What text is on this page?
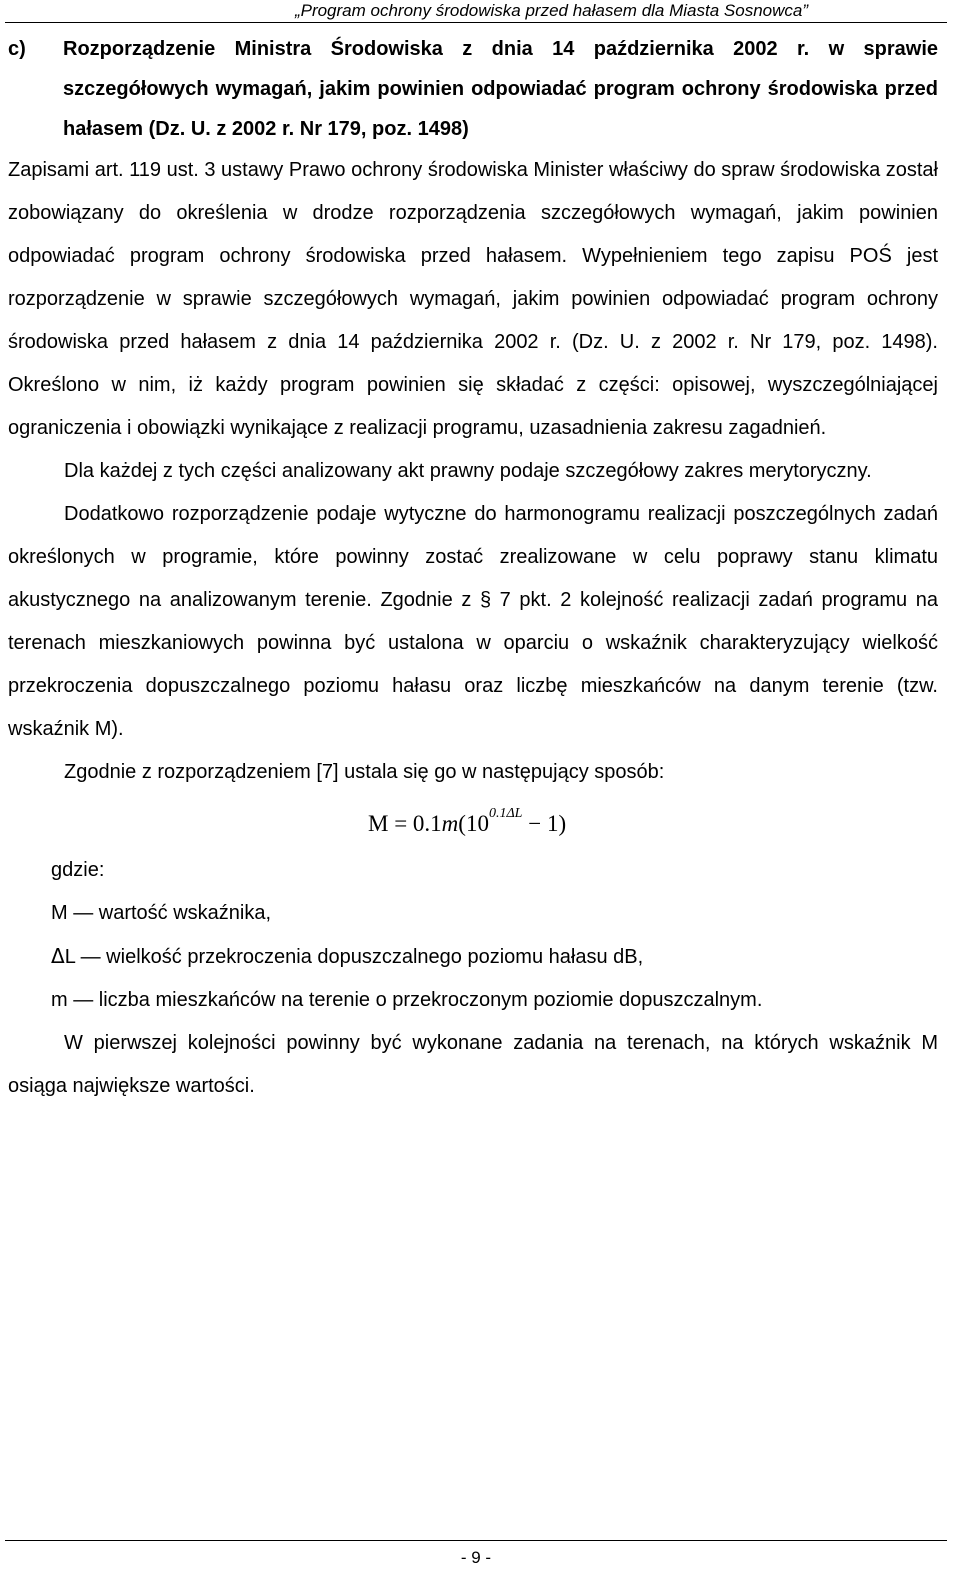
„Program ochrony środowiska przed hałasem dla Miasta Sosnowca”

c) Rozporządzenie Ministra Środowiska z dnia 14 października 2002 r. w sprawie szczegółowych wymagań, jakim powinien odpowiadać program ochrony środowiska przed hałasem (Dz. U. z 2002 r. Nr 179, poz. 1498)

Zapisami art. 119 ust. 3 ustawy Prawo ochrony środowiska Minister właściwy do spraw środowiska został zobowiązany do określenia w drodze rozporządzenia szczegółowych wymagań, jakim powinien odpowiadać program ochrony środowiska przed hałasem. Wypełnieniem tego zapisu POŚ jest rozporządzenie w sprawie szczegółowych wymagań, jakim powinien odpowiadać program ochrony środowiska przed hałasem z dnia 14 października 2002 r. (Dz. U. z 2002 r. Nr 179, poz. 1498). Określono w nim, iż każdy program powinien się składać z części: opisowej, wyszczególniającej ograniczenia i obowiązki wynikające z realizacji programu, uzasadnienia zakresu zagadnień.

Dla każdej z tych części analizowany akt prawny podaje szczegółowy zakres merytoryczny.

Dodatkowo rozporządzenie podaje wytyczne do harmonogramu realizacji poszczególnych zadań określonych w programie, które powinny zostać zrealizowane w celu poprawy stanu klimatu akustycznego na analizowanym terenie. Zgodnie z § 7 pkt. 2 kolejność realizacji zadań programu na terenach mieszkaniowych powinna być ustalona w oparciu o wskaźnik charakteryzujący wielkość przekroczenia dopuszczalnego poziomu hałasu oraz liczbę mieszkańców na danym terenie (tzw. wskaźnik M).

Zgodnie z rozporządzeniem [7] ustala się go w następujący sposób:

$M = 0.1m(10^{0.1\Delta L} - 1)$

gdzie:

M — wartość wskaźnika,

ΔL — wielkość przekroczenia dopuszczalnego poziomu hałasu dB,

m — liczba mieszkańców na terenie o przekroczonym poziomie dopuszczalnym.

W pierwszej kolejności powinny być wykonane zadania na terenach, na których wskaźnik M osiąga największe wartości.

- 9 -
